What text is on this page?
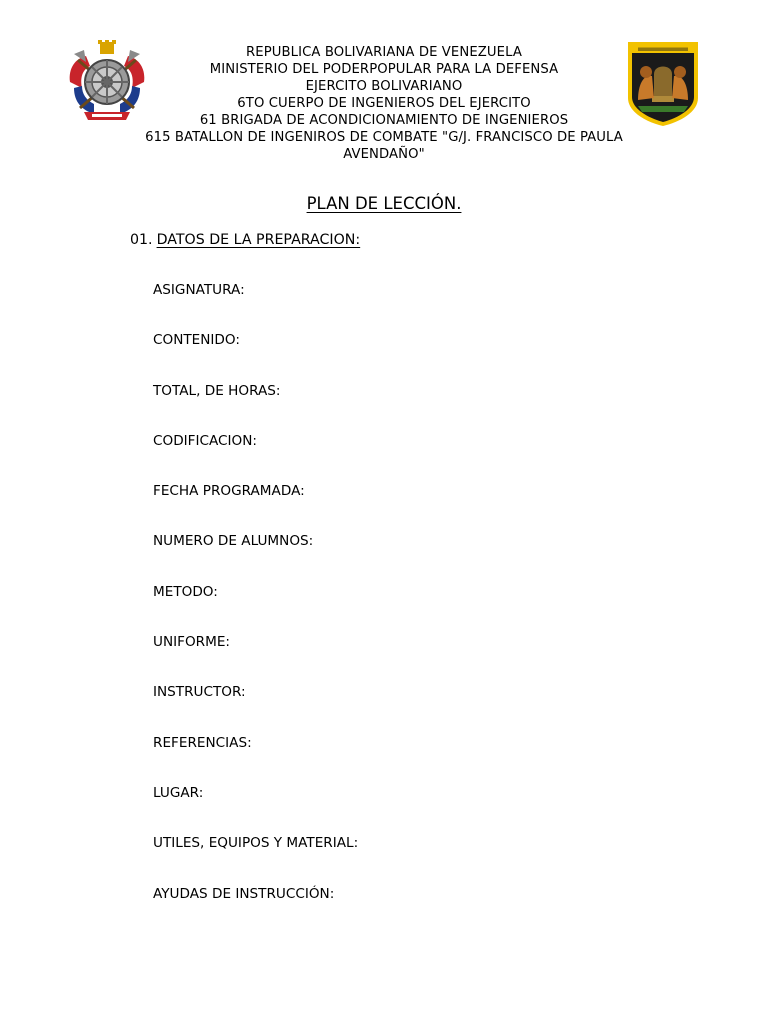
REPUBLICA BOLIVARIANA DE VENEZUELA
MINISTERIO DEL PODERPOPULAR PARA LA DEFENSA
EJERCITO BOLIVARIANO
6TO CUERPO DE INGENIEROS DEL EJERCITO
61 BRIGADA DE ACONDICIONAMIENTO DE INGENIEROS
615 BATALLON DE INGENIROS DE COMBATE "G/J. FRANCISCO DE PAULA AVENDAÑO"
PLAN DE LECCIÓN.
01. DATOS DE LA PREPARACION:
ASIGNATURA:
CONTENIDO:
TOTAL, DE HORAS:
CODIFICACION:
FECHA PROGRAMADA:
NUMERO DE ALUMNOS:
METODO:
UNIFORME:
INSTRUCTOR:
REFERENCIAS:
LUGAR:
UTILES, EQUIPOS Y MATERIAL:
AYUDAS DE INSTRUCCIÓN:
